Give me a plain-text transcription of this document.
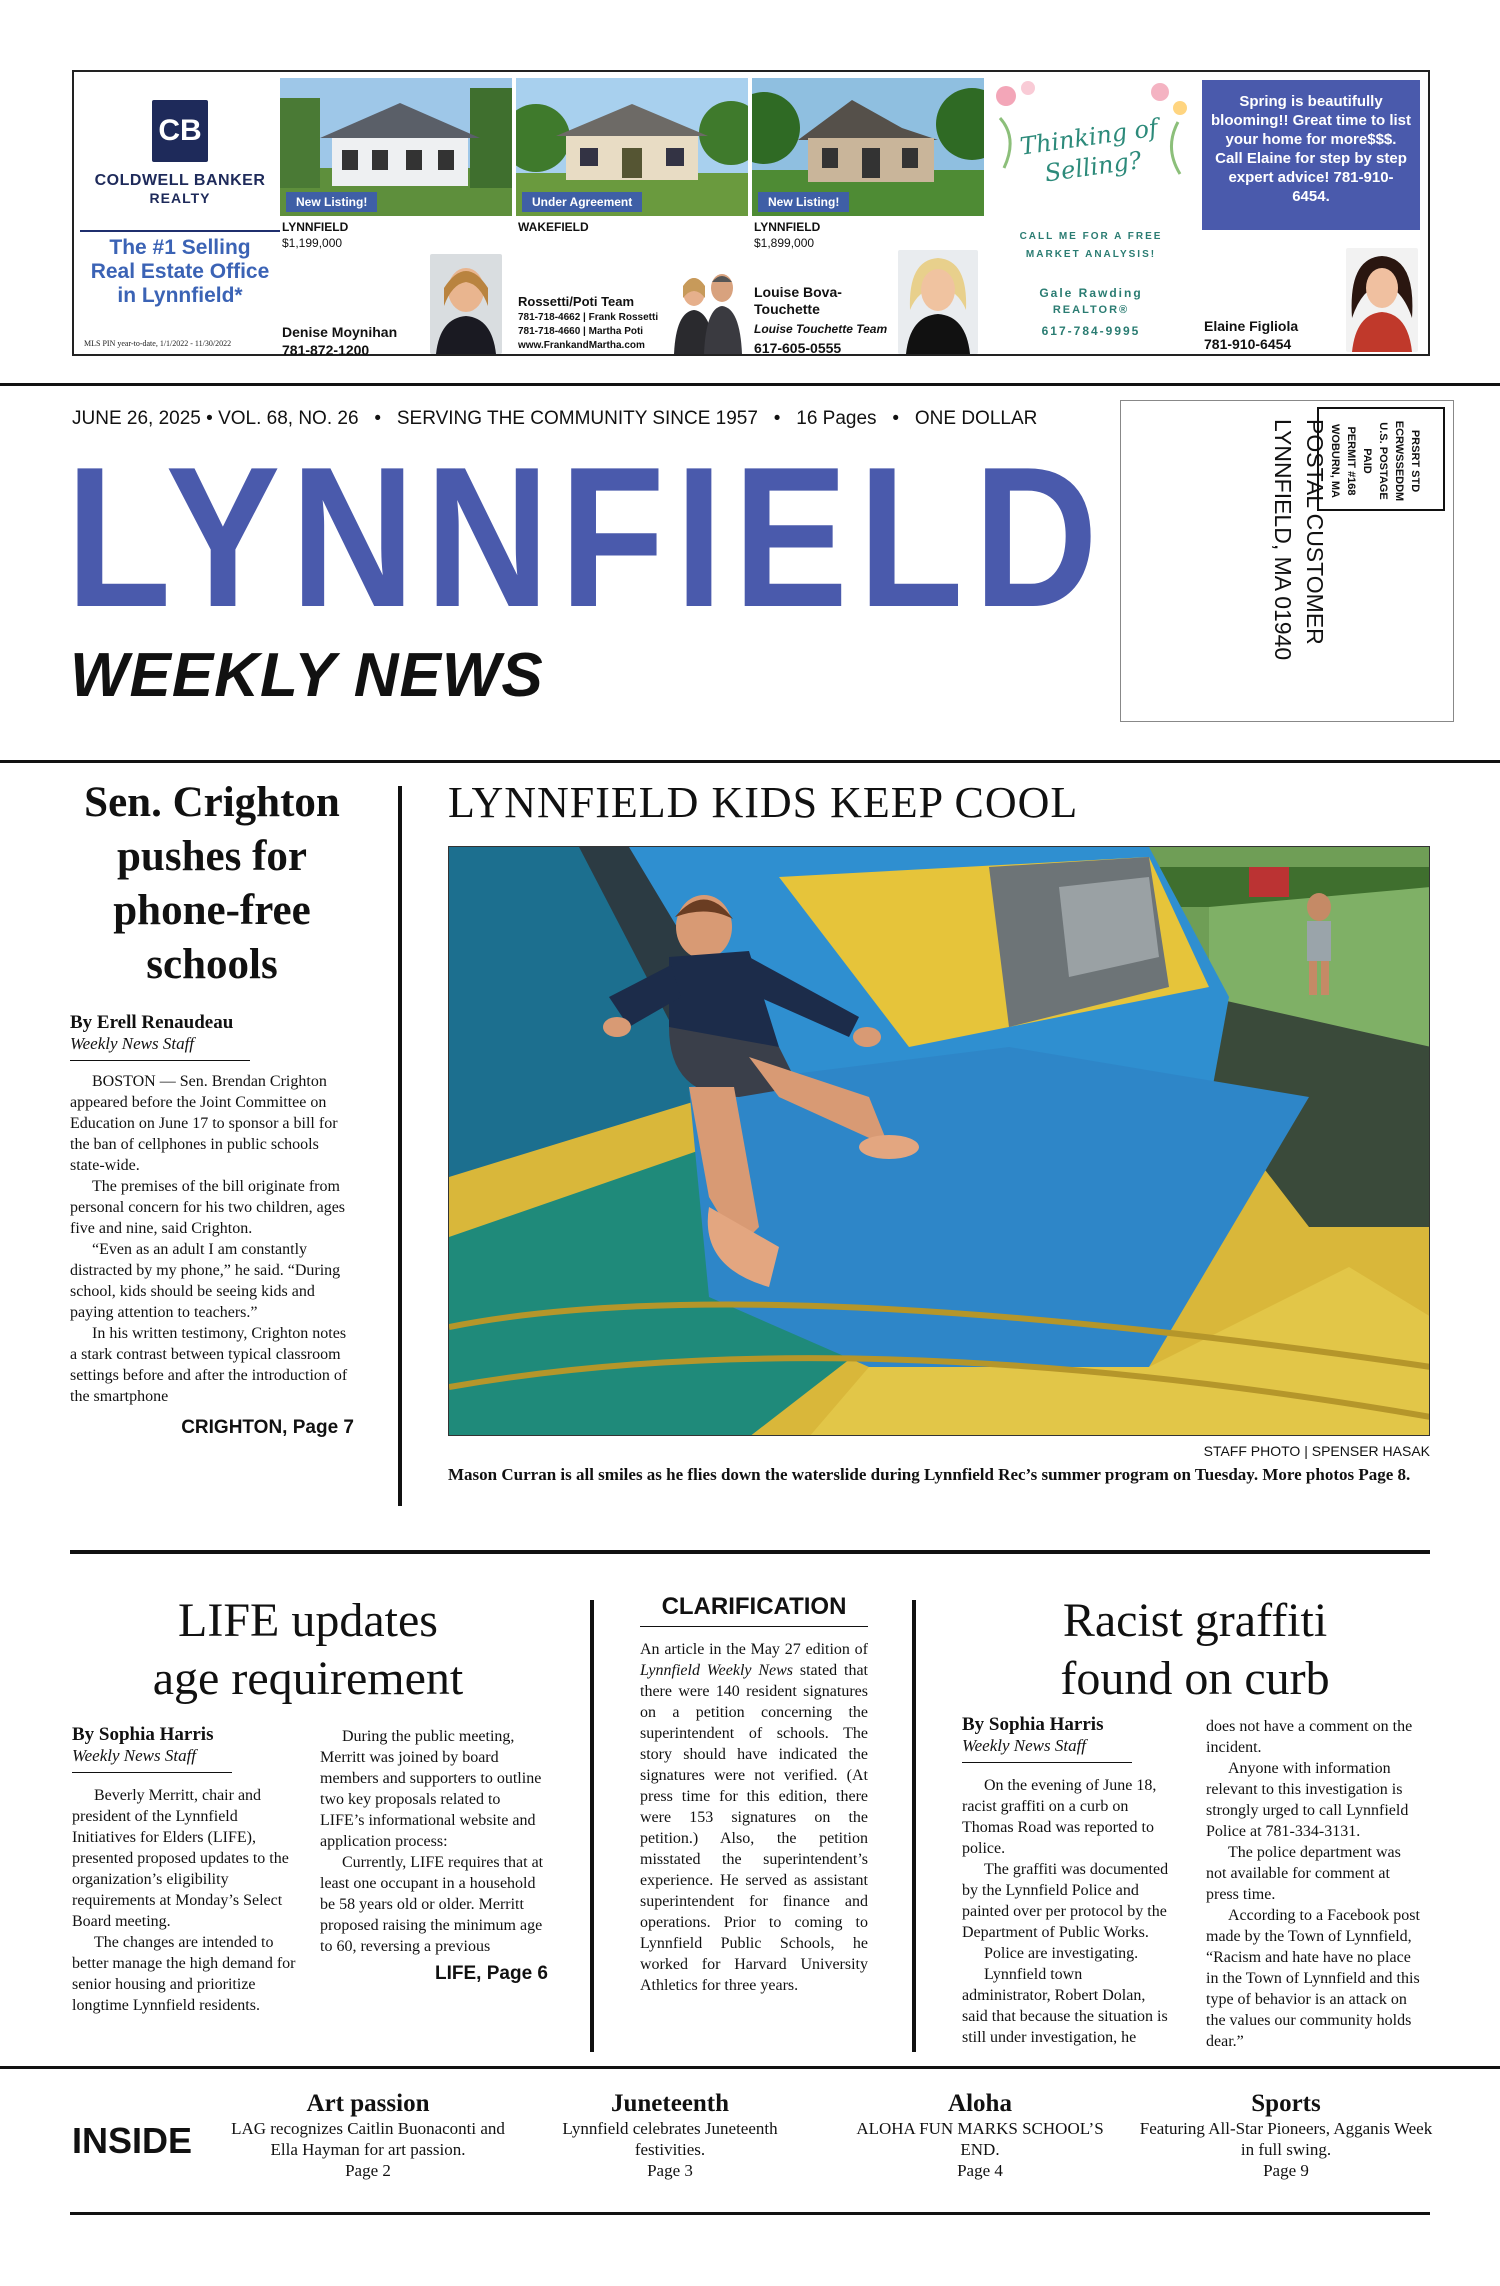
CB
COLDWELL BANKER
REALTY
The #1 Selling Real Estate Office in Lynnfield*
MLS PIN year-to-date, 1/1/2022 - 11/30/2022
New Listing!
LYNNFIELD
$1,199,000
Denise Moynihan
781-872-1200
Under Agreement
WAKEFIELD
Rossetti/Poti Team
781-718-4662 | Frank Rossetti
781-718-4660 | Martha Poti
www.FrankandMartha.com
New Listing!
LYNNFIELD
$1,899,000
Louise Bova-Touchette
Louise Touchette Team
617-605-0555
Thinking of Selling?
CALL ME FOR A FREE MARKET ANALYSIS!
Gale Rawding
REALTOR®
617-784-9995
Spring is beautifully blooming!! Great time to list your home for more$$$. Call Elaine for step by step expert advice! 781-910-6454.
Elaine Figliola
781-910-6454
JUNE 26, 2025 • VOL. 68, NO. 26   •   SERVING THE COMMUNITY SINCE 1957   •   16 Pages   •   ONE DOLLAR
LYNNFIELD
WEEKLY NEWS
PRSRT STD
ECRWSSEDDM
U.S. POSTAGE
PAID
PERMIT #168
WOBURN, MA
POSTAL CUSTOMER
LYNNFIELD, MA 01940
Sen. Crighton pushes for phone-free schools
By Erell Renaudeau
Weekly News Staff

BOSTON — Sen. Brendan Crighton appeared before the Joint Committee on Education on June 17 to sponsor a bill for the ban of cellphones in public schools state-wide.

The premises of the bill originate from personal concern for his two children, ages five and nine, said Crighton.

“Even as an adult I am constantly distracted by my phone,” he said. “During school, kids should be seeing kids and paying attention to teachers.”

In his written testimony, Crighton notes a stark contrast between typical classroom settings before and after the introduction of the smartphone

CRIGHTON, Page 7
LYNNFIELD KIDS KEEP COOL
STAFF PHOTO | SPENSER HASAK
Mason Curran is all smiles as he flies down the waterslide during Lynnfield Rec’s summer program on Tuesday. More photos Page 8.
LIFE updates
age requirement
By Sophia Harris
Weekly News Staff

Beverly Merritt, chair and president of the Lynnfield Initiatives for Elders (LIFE), presented proposed updates to the organization’s eligibility requirements at Monday’s Select Board meeting.

The changes are intended to better manage the high demand for senior housing and prioritize longtime Lynnfield residents.

During the public meeting, Merritt was joined by board members and supporters to outline two key proposals related to LIFE’s informational website and application process:

Currently, LIFE requires that at least one occupant in a household be 58 years old or older. Merritt proposed raising the minimum age to 60, reversing a previous

LIFE, Page 6
CLARIFICATION
An article in the May 27 edition of Lynnfield Weekly News stated that there were 140 resident signatures on a petition concerning the superintendent of schools. The story should have indicated the signatures were not verified. (At press time for this edition, there were 153 signatures on the petition.) Also, the petition misstated the superintendent’s experience. He served as assistant superintendent for finance and operations. Prior to coming to Lynnfield Public Schools, he worked for Harvard University Athletics for three years.
Racist graffiti
found on curb
By Sophia Harris
Weekly News Staff

On the evening of June 18, racist graffiti on a curb on Thomas Road was reported to police.

The graffiti was documented by the Lynnfield Police and painted over per protocol by the Department of Public Works.

Police are investigating.

Lynnfield town administrator, Robert Dolan, said that because the situation is still under investigation, he

does not have a comment on the incident.

Anyone with information relevant to this investigation is strongly urged to call Lynnfield Police at 781-334-3131.

The police department was not available for comment at press time.

According to a Facebook post made by the Town of Lynnfield, “Racism and hate have no place in the Town of Lynnfield and this type of behavior is an attack on the values our community holds dear.”

INSIDE
Art passion
LAG recognizes Caitlin Buonaconti and Ella Hayman for art passion.
Page 2
Juneteenth
Lynnfield celebrates Juneteenth festivities.
Page 3
Aloha
ALOHA FUN MARKS SCHOOL’S END.
Page 4
Sports
Featuring All-Star Pioneers, Agganis Week in full swing.
Page 9
